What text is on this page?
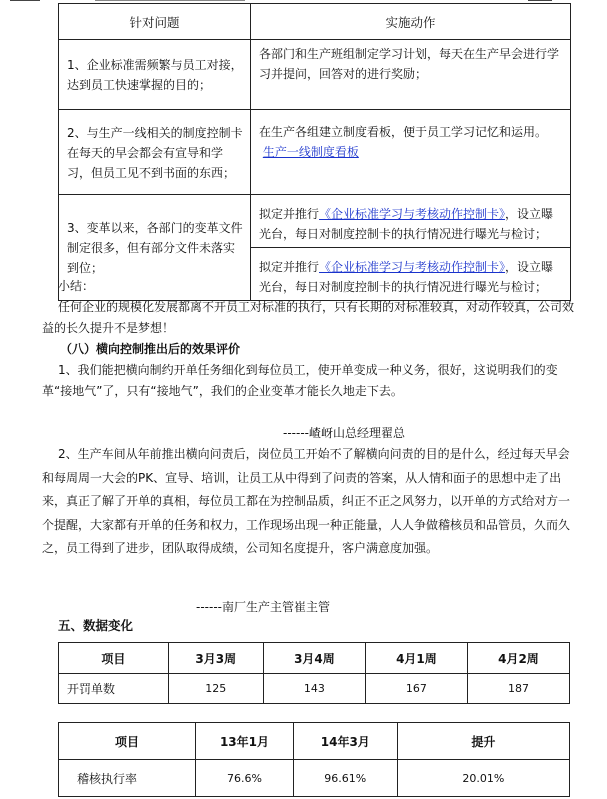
针对问题	实施动作
1、企业标准需频繁与员工对接，达到员工快速掌握的目的；	各部门和生产班组制定学习计划，每天在生产早会进行学习并提问，回答对的进行奖励；
2、与生产一线相关的制度控制卡在每天的早会都会有宣导和学习，但员工见不到书面的东西；	在生产各组建立制度看板，便于员工学习记忆和运用。
生产一线制度看板
3、变革以来，各部门的变革文件制定很多，但有部分文件未落实到位；	拟定并推行《企业标准学习与考核动作控制卡》，设立曝光台，每日对制度控制卡的执行情况进行曝光与检讨；
	拟定并推行《企业标准学习与考核动作控制卡》，设立曝光台，每日对制度控制卡的执行情况进行曝光与检讨；
小结：
任何企业的规模化发展都离不开员工对标准的执行，只有长期的对标准较真，对动作较真，公司效益的长久提升不是梦想！
（八）横向控制推出后的效果评价
1、我们能把横向制约开单任务细化到每位员工，使开单变成一种义务，很好，这说明我们的变革“接地气”了，只有“接地气”，我们的企业变革才能长久地走下去。
------嵖岈山总经理翟总
2、生产车间从年前推出横向问责后，岗位员工开始不了解横向问责的目的是什么，经过每天早会和每周周一大会的PK、宣导、培训，让员工从中得到了问责的答案，从人情和面子的思想中走了出来，真正了解了开单的真相，每位员工都在为控制品质，纠正不正之风努力，以开单的方式给对方一个提醒，大家都有开单的任务和权力，工作现场出现一种正能量，人人争做稽核员和品管员，久而久之，员工得到了进步，团队取得成绩，公司知名度提升，客户满意度加强。
------南厂生产主管崔主管
五、数据变化
项目	3月3周	3月4周	4月1周	4月2周
开罚单数	125	143	167	187
项目	13年1月	14年3月	提升
稽核执行率	76.6%	96.61%	20.01%
